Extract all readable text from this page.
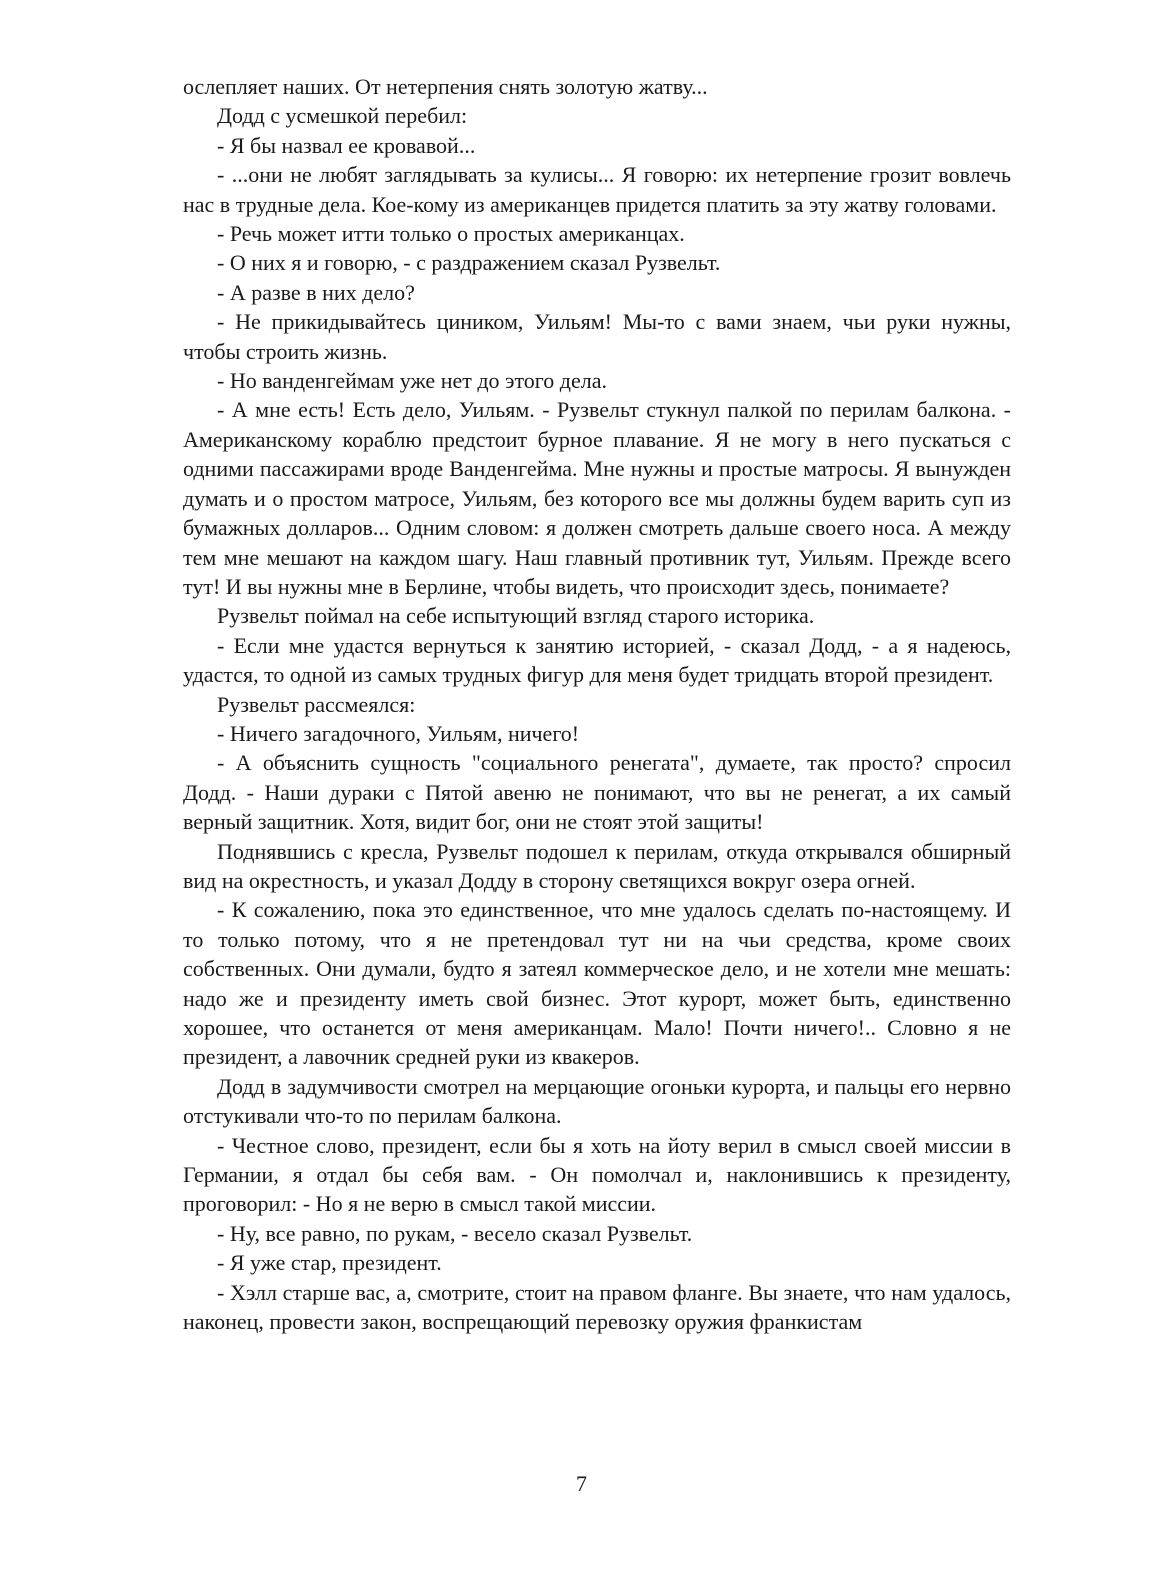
ослепляет наших. От нетерпения снять золотую жатву...

Додд с усмешкой перебил:

- Я бы назвал ее кровавой...

- ...они не любят заглядывать за кулисы... Я говорю: их нетерпение грозит вовлечь нас в трудные дела. Кое-кому из американцев придется платить за эту жатву головами.

- Речь может итти только о простых американцах.

- О них я и говорю, - с раздражением сказал Рузвельт.

- А разве в них дело?

- Не прикидывайтесь циником, Уильям! Мы-то с вами знаем, чьи руки нужны, чтобы строить жизнь.

- Но ванденгеймам уже нет до этого дела.

- А мне есть! Есть дело, Уильям. - Рузвельт стукнул палкой по перилам балкона. - Американскому кораблю предстоит бурное плавание. Я не могу в него пускаться с одними пассажирами вроде Ванденгейма. Мне нужны и простые матросы. Я вынужден думать и о простом матросе, Уильям, без которого все мы должны будем варить суп из бумажных долларов... Одним словом: я должен смотреть дальше своего носа. А между тем мне мешают на каждом шагу. Наш главный противник тут, Уильям. Прежде всего тут! И вы нужны мне в Берлине, чтобы видеть, что происходит здесь, понимаете?

Рузвельт поймал на себе испытующий взгляд старого историка.

- Если мне удастся вернуться к занятию историей, - сказал Додд, - а я надеюсь, удастся, то одной из самых трудных фигур для меня будет тридцать второй президент.

Рузвельт рассмеялся:

- Ничего загадочного, Уильям, ничего!

- А объяснить сущность "социального ренегата", думаете, так просто? спросил Додд. - Наши дураки с Пятой авеню не понимают, что вы не ренегат, а их самый верный защитник. Хотя, видит бог, они не стоят этой защиты!

Поднявшись с кресла, Рузвельт подошел к перилам, откуда открывался обширный вид на окрестность, и указал Додду в сторону светящихся вокруг озера огней.

- К сожалению, пока это единственное, что мне удалось сделать по-настоящему. И то только потому, что я не претендовал тут ни на чьи средства, кроме своих собственных. Они думали, будто я затеял коммерческое дело, и не хотели мне мешать: надо же и президенту иметь свой бизнес. Этот курорт, может быть, единственно хорошее, что останется от меня американцам. Мало! Почти ничего!.. Словно я не президент, а лавочник средней руки из квакеров.

Додд в задумчивости смотрел на мерцающие огоньки курорта, и пальцы его нервно отстукивали что-то по перилам балкона.

- Честное слово, президент, если бы я хоть на йоту верил в смысл своей миссии в Германии, я отдал бы себя вам. - Он помолчал и, наклонившись к президенту, проговорил: - Но я не верю в смысл такой миссии.

- Ну, все равно, по рукам, - весело сказал Рузвельт.

- Я уже стар, президент.

- Хэлл старше вас, а, смотрите, стоит на правом фланге. Вы знаете, что нам удалось, наконец, провести закон, воспрещающий перевозку оружия франкистам

7
